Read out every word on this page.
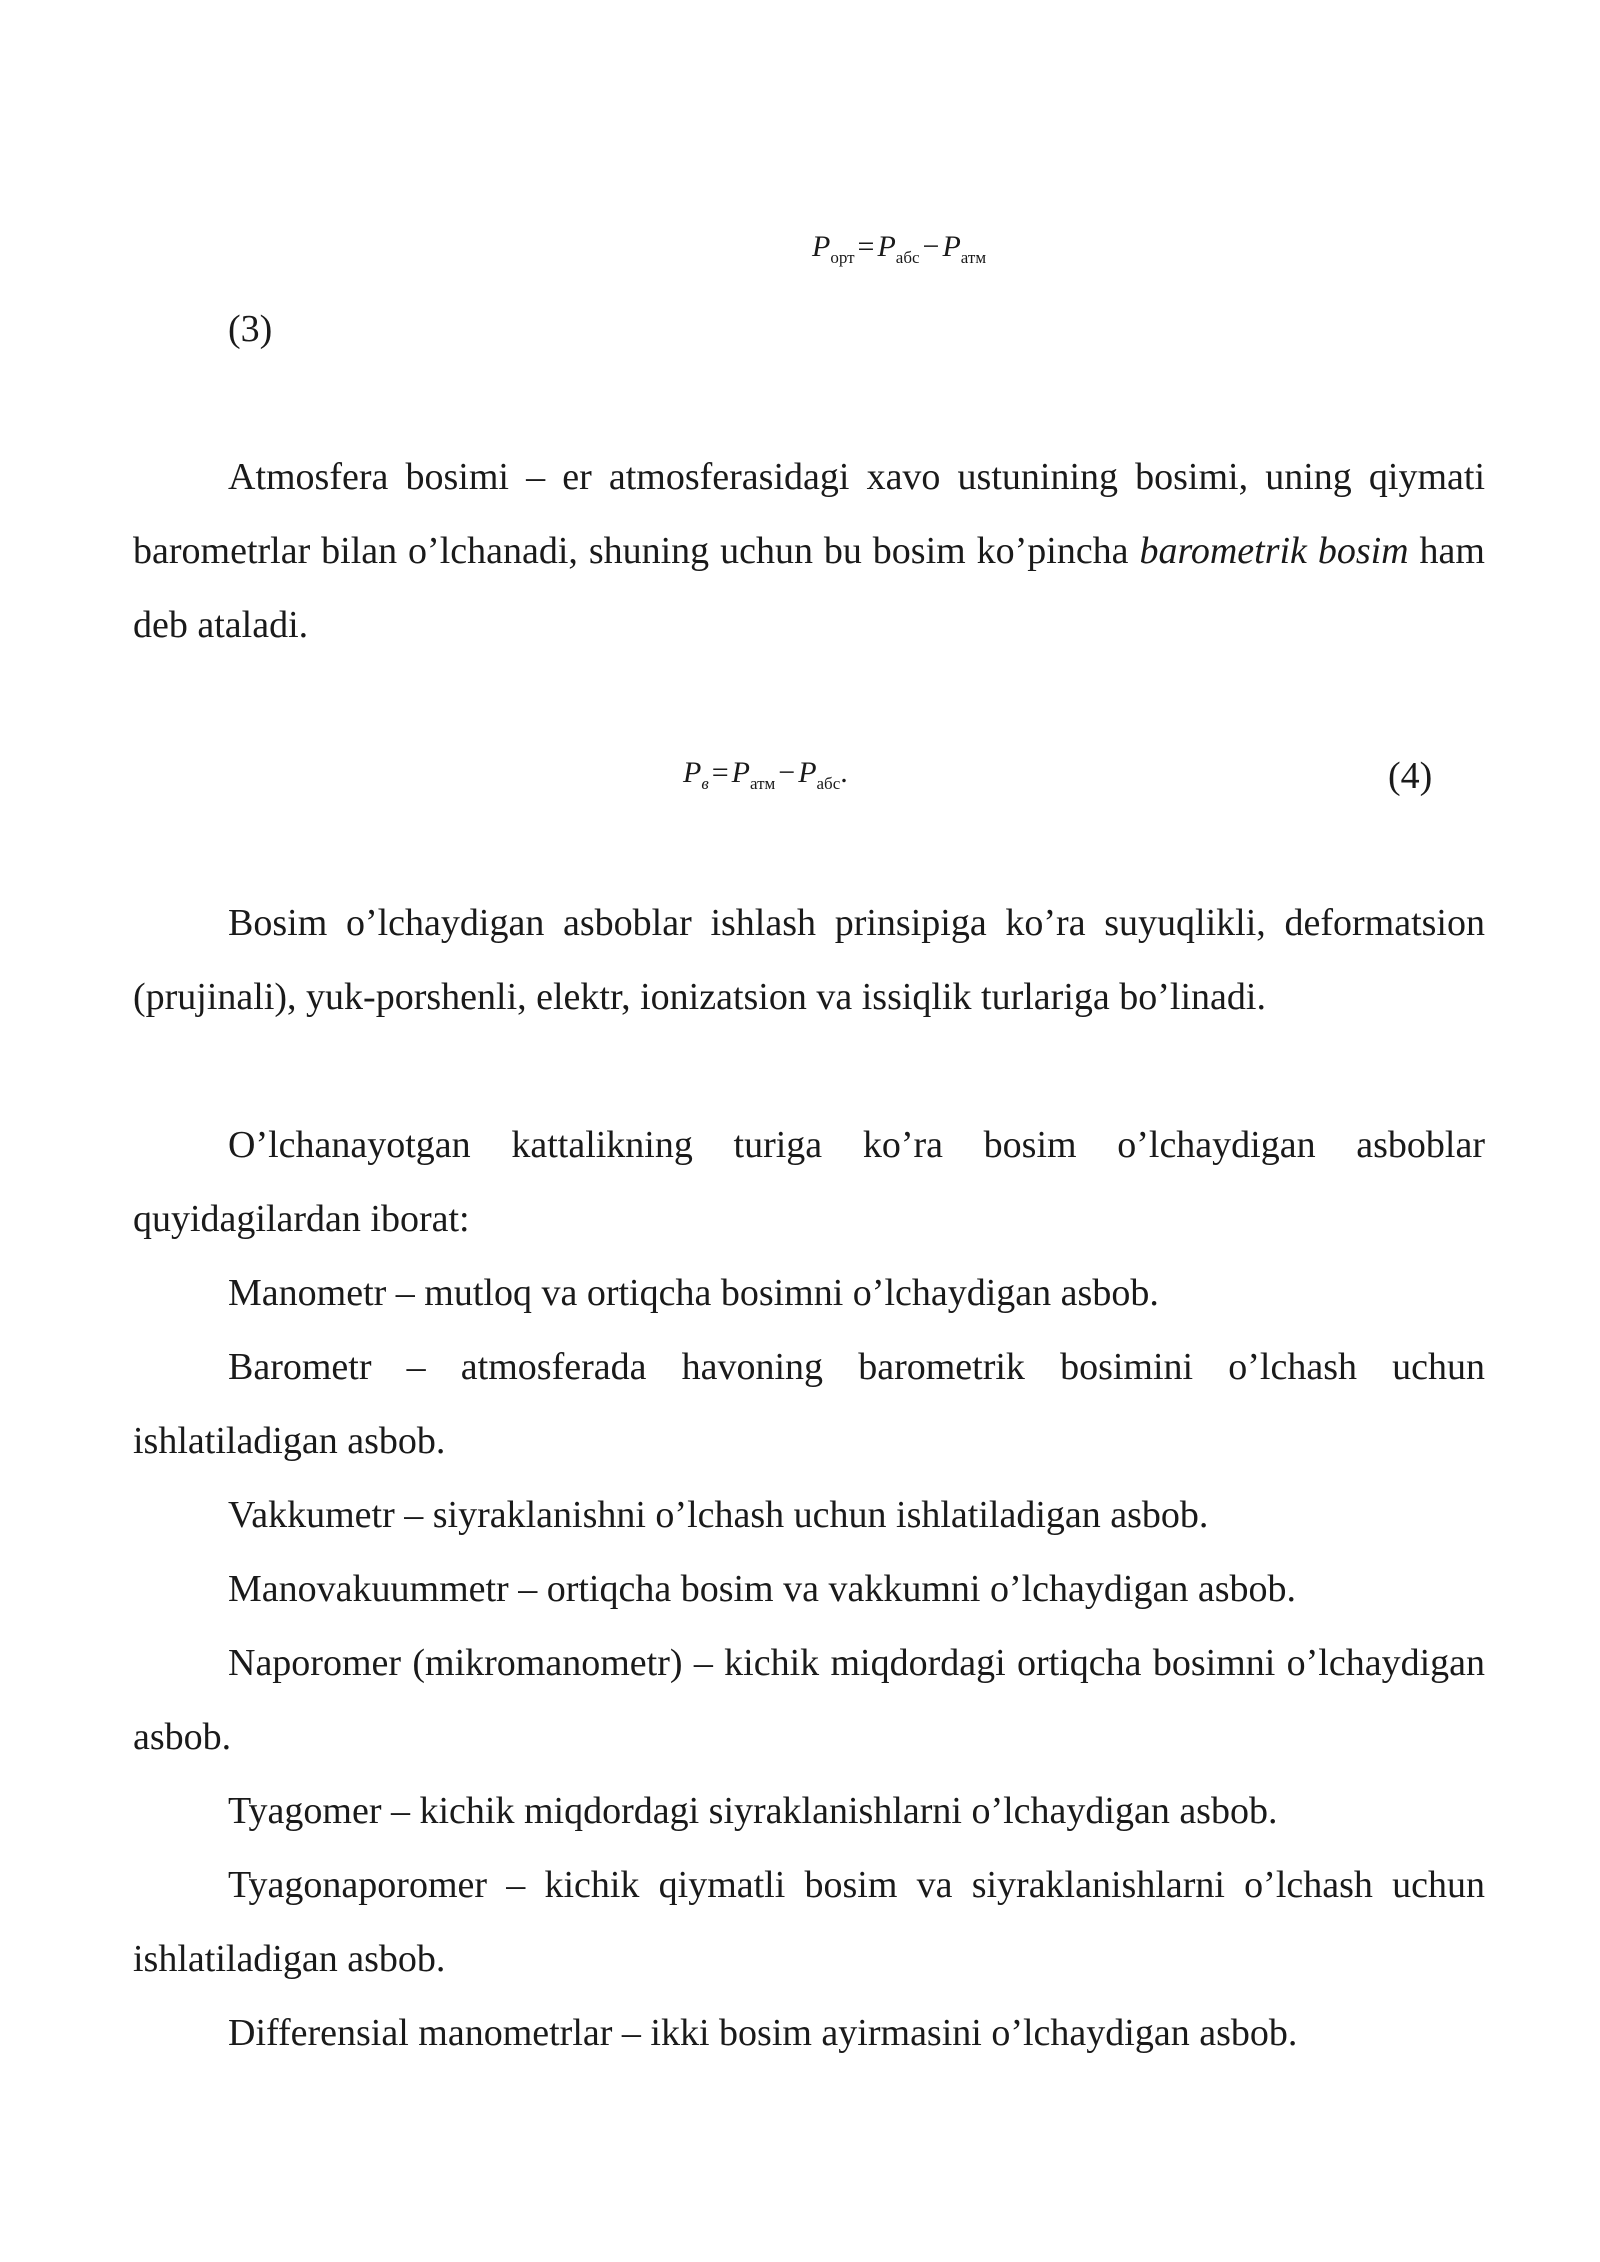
$P_{орт} = P_{абс} - P_{атм}$
(3)

Atmosfera bosimi – er atmosferasidagi xavo ustunining bosimi, uning qiymati barometrlar bilan o’lchanadi, shuning uchun bu bosim ko’pincha barometrik bosim ham deb ataladi.

$P_в = P_{атм} - P_{абс}$.	(4)

Bosim o’lchaydigan asboblar ishlash prinsipiga ko’ra suyuqlikli, deformatsion (prujinali), yuk-porshenli, elektr, ionizatsion va issiqlik turlariga bo’linadi.

O’lchanayotgan kattalikning turiga ko’ra bosim o’lchaydigan asboblar quyidagilardan iborat:

Manometr – mutloq va ortiqcha bosimni o’lchaydigan asbob.

Barometr – atmosferada havoning barometrik bosimini o’lchash uchun ishlatiladigan asbob.

Vakkumetr – siyraklanishni o’lchash uchun ishlatiladigan asbob.

Manovakuummetr – ortiqcha bosim va vakkumni o’lchaydigan asbob.

Naporomer (mikromanometr) – kichik miqdordagi ortiqcha bosimni o’lchaydigan asbob.

Tyagomer – kichik miqdordagi siyraklanishlarni o’lchaydigan asbob.

Tyagonaporomer – kichik qiymatli bosim va siyraklanishlarni o’lchash uchun ishlatiladigan asbob.

Differensial manometrlar – ikki bosim ayirmasini o’lchaydigan asbob.
